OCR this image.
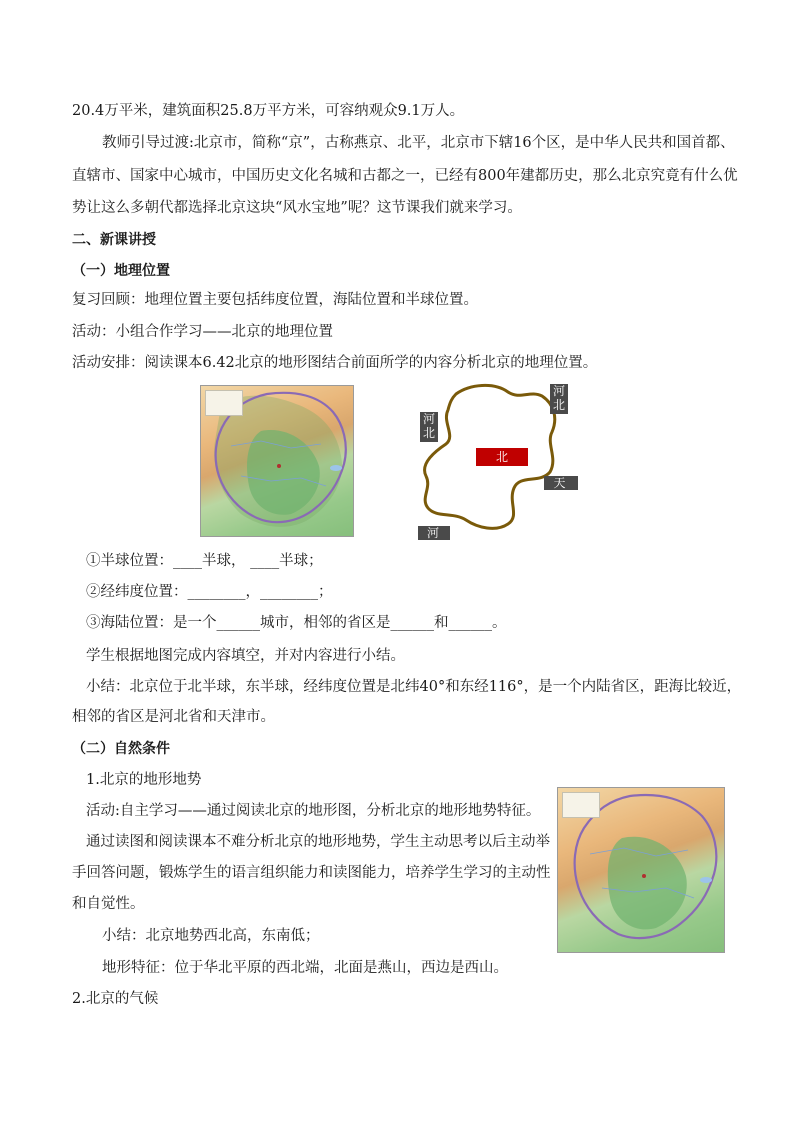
20.4万平米，建筑面积25.8万平方米，可容纳观众9.1万人。
教师引导过渡:北京市，简称“京”，古称燕京、北平，北京市下辖16个区，是中华人民共和国首都、
直辖市、国家中心城市，中国历史文化名城和古都之一，已经有800年建都历史，那么北京究竟有什么优
势让这么多朝代都选择北京这块“风水宝地”呢？这节课我们就来学习。
二、新课讲授
（一）地理位置
复习回顾：地理位置主要包括纬度位置，海陆位置和半球位置。
活动：小组合作学习——北京的地理位置
活动安排：阅读课本6.42北京的地形图结合前面所学的内容分析北京的地理位置。
河北
河北
北 京
天 津
河 北
①半球位置：____半球， ____半球；
②经纬度位置：________，________；
③海陆位置：是一个______城市，相邻的省区是______和______。
学生根据地图完成内容填空，并对内容进行小结。
小结：北京位于北半球，东半球，经纬度位置是北纬40°和东经116°，是一个内陆省区，距海比较近，
相邻的省区是河北省和天津市。
（二）自然条件
1.北京的地形地势
活动:自主学习——通过阅读北京的地形图，分析北京的地形地势特征。
通过读图和阅读课本不难分析北京的地形地势，学生主动思考以后主动举
手回答问题，锻炼学生的语言组织能力和读图能力，培养学生学习的主动性
和自觉性。
小结：北京地势西北高，东南低；
地形特征：位于华北平原的西北端，北面是燕山，西边是西山。
2.北京的气候
